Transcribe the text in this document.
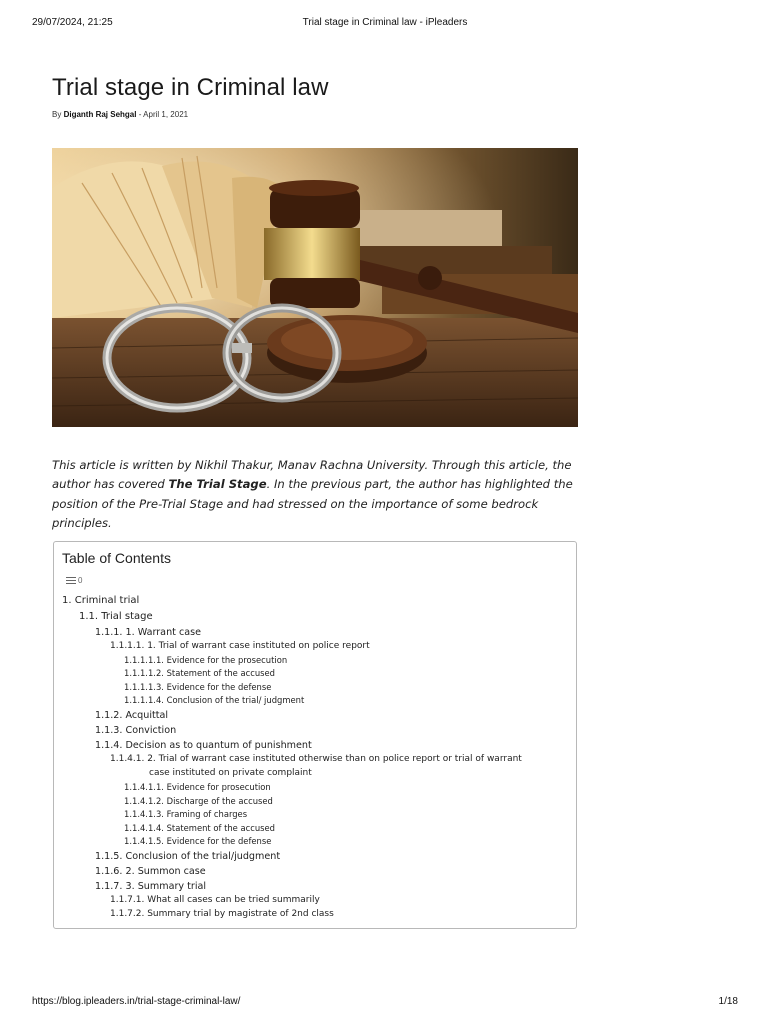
29/07/2024, 21:25	Trial stage in Criminal law - iPleaders
Trial stage in Criminal law
By Diganth Raj Sehgal - April 1, 2021

This article is written by Nikhil Thakur, Manav Rachna University. Through this article, the author has covered The Trial Stage. In the previous part, the author has highlighted the position of the Pre-Trial Stage and had stressed on the importance of some bedrock principles.

Table of Contents
0
1. Criminal trial
1.1. Trial stage
1.1.1. 1. Warrant case
1.1.1.1. 1. Trial of warrant case instituted on police report
1.1.1.1.1. Evidence for the prosecution
1.1.1.1.2. Statement of the accused
1.1.1.1.3. Evidence for the defense
1.1.1.1.4. Conclusion of the trial/ judgment
1.1.2. Acquittal
1.1.3. Conviction
1.1.4. Decision as to quantum of punishment
1.1.4.1. 2. Trial of warrant case instituted otherwise than on police report or trial of warrant
case instituted on private complaint
1.1.4.1.1. Evidence for prosecution
1.1.4.1.2. Discharge of the accused
1.1.4.1.3. Framing of charges
1.1.4.1.4. Statement of the accused
1.1.4.1.5. Evidence for the defense
1.1.5. Conclusion of the trial/judgment
1.1.6. 2. Summon case
1.1.7. 3. Summary trial
1.1.7.1. What all cases can be tried summarily
1.1.7.2. Summary trial by magistrate of 2nd class
https://blog.ipleaders.in/trial-stage-criminal-law/	1/18
